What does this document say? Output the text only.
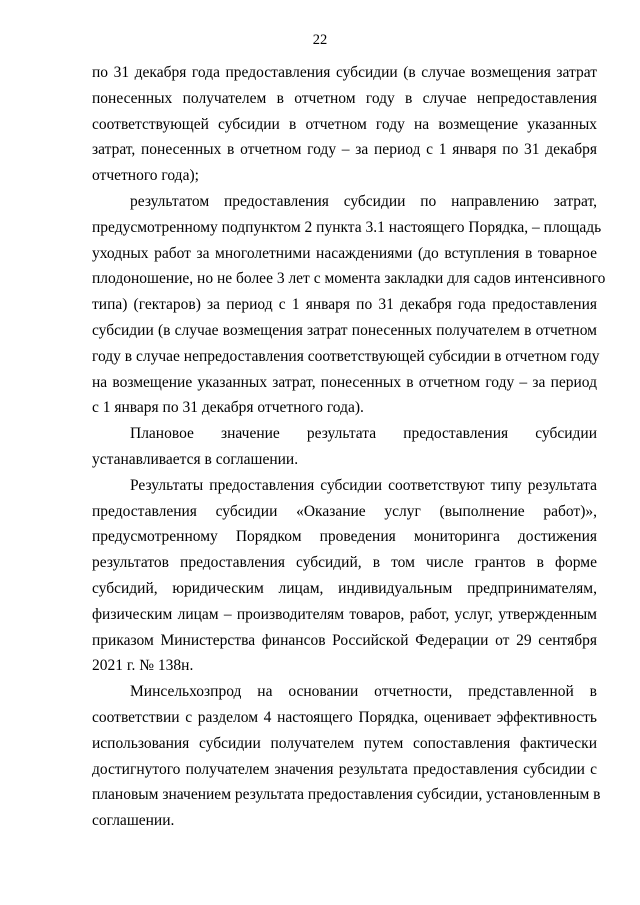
22

по 31 декабря года предоставления субсидии (в случае возмещения затрат
понесенных получателем в отчетном году в случае непредоставления
соответствующей субсидии в отчетном году на возмещение указанных
затрат, понесенных в отчетном году – за период с 1 января по 31 декабря
отчетного года);

результатом предоставления субсидии по направлению затрат,
предусмотренному подпунктом 2 пункта 3.1 настоящего Порядка, – площадь
уходных работ за многолетними насаждениями (до вступления в товарное
плодоношение, но не более 3 лет с момента закладки для садов интенсивного
типа) (гектаров) за период с 1 января по 31 декабря года предоставления
субсидии (в случае возмещения затрат понесенных получателем в отчетном
году в случае непредоставления соответствующей субсидии в отчетном году
на возмещение указанных затрат, понесенных в отчетном году – за период
с 1 января по 31 декабря отчетного года).

Плановое значение результата предоставления субсидии
устанавливается в соглашении.

Результаты предоставления субсидии соответствуют типу результата
предоставления субсидии «Оказание услуг (выполнение работ)»,
предусмотренному Порядком проведения мониторинга достижения
результатов предоставления субсидий, в том числе грантов в форме
субсидий, юридическим лицам, индивидуальным предпринимателям,
физическим лицам – производителям товаров, работ, услуг, утвержденным
приказом Министерства финансов Российской Федерации от 29 сентября
2021 г. № 138н.

Минсельхозпрод на основании отчетности, представленной в
соответствии с разделом 4 настоящего Порядка, оценивает эффективность
использования субсидии получателем путем сопоставления фактически
достигнутого получателем значения результата предоставления субсидии с
плановым значением результата предоставления субсидии, установленным в
соглашении.
